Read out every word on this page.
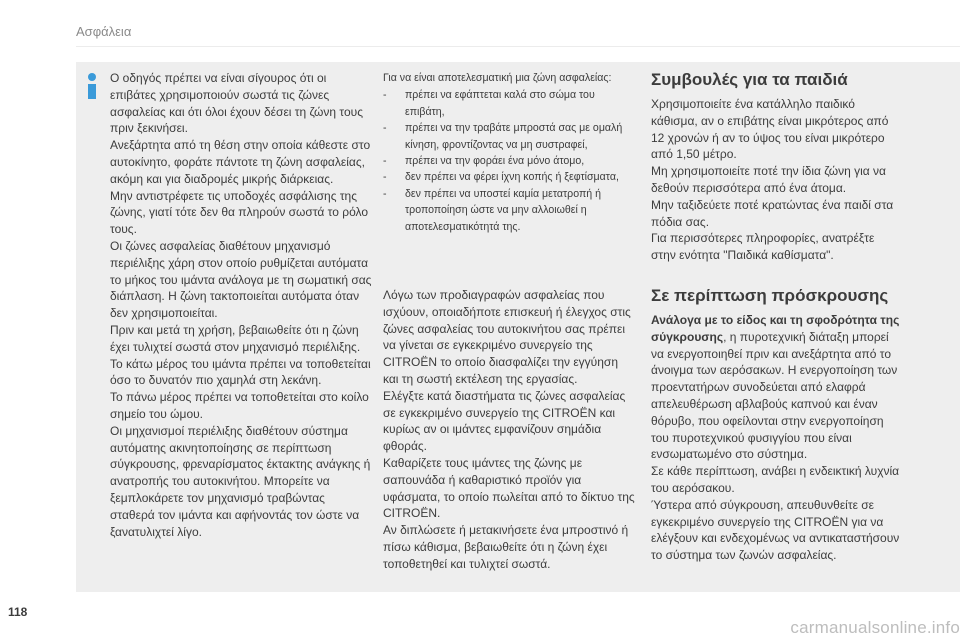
Ασφάλεια

Ο οδηγός πρέπει να είναι σίγουρος ότι οι επιβάτες χρησιμοποιούν σωστά τις ζώνες ασφαλείας και ότι όλοι έχουν δέσει τη ζώνη τους πριν ξεκινήσει.

Ανεξάρτητα από τη θέση στην οποία κάθεστε στο αυτοκίνητο, φοράτε πάντοτε τη ζώνη ασφαλείας, ακόμη και για διαδρομές μικρής διάρκειας.

Μην αντιστρέφετε τις υποδοχές ασφάλισης της ζώνης, γιατί τότε δεν θα πληρούν σωστά το ρόλο τους.

Οι ζώνες ασφαλείας διαθέτουν μηχανισμό περιέλιξης χάρη στον οποίο ρυθμίζεται αυτόματα το μήκος του ιμάντα ανάλογα με τη σωματική σας διάπλαση. Η ζώνη τακτοποιείται αυτόματα όταν δεν χρησιμοποιείται.

Πριν και μετά τη χρήση, βεβαιωθείτε ότι η ζώνη έχει τυλιχτεί σωστά στον μηχανισμό περιέλιξης.

Το κάτω μέρος του ιμάντα πρέπει να τοποθετείται όσο το δυνατόν πιο χαμηλά στη λεκάνη.

Το πάνω μέρος πρέπει να τοποθετείται στο κοίλο σημείο του ώμου.

Οι μηχανισμοί περιέλιξης διαθέτουν σύστημα αυτόματης ακινητοποίησης σε περίπτωση σύγκρουσης, φρεναρίσματος έκτακτης ανάγκης ή ανατροπής του αυτοκινήτου. Μπορείτε να ξεμπλοκάρετε τον μηχανισμό τραβώντας σταθερά τον ιμάντα και αφήνοντάς τον ώστε να ξανατυλιχτεί λίγο.

Για να είναι αποτελεσματική μια ζώνη ασφαλείας:

- πρέπει να εφάπτεται καλά στο σώμα του επιβάτη,
- πρέπει να την τραβάτε μπροστά σας με ομαλή κίνηση, φροντίζοντας να μη συστραφεί,
- πρέπει να την φοράει ένα μόνο άτομο,
- δεν πρέπει να φέρει ίχνη κοπής ή ξεφτίσματα,
- δεν πρέπει να υποστεί καμία μετατροπή ή τροποποίηση ώστε να μην αλλοιωθεί η αποτελεσματικότητά της.

Λόγω των προδιαγραφών ασφαλείας που ισχύουν, οποιαδήποτε επισκευή ή έλεγχος στις ζώνες ασφαλείας του αυτοκινήτου σας πρέπει να γίνεται σε εγκεκριμένο συνεργείο της CITROËN το οποίο διασφαλίζει την εγγύηση και τη σωστή εκτέλεση της εργασίας.

Ελέγξτε κατά διαστήματα τις ζώνες ασφαλείας σε εγκεκριμένο συνεργείο της CITROËN και κυρίως αν οι ιμάντες εμφανίζουν σημάδια φθοράς.

Καθαρίζετε τους ιμάντες της ζώνης με σαπουνάδα ή καθαριστικό προϊόν για υφάσματα, το οποίο πωλείται από το δίκτυο της CITROËN.

Αν διπλώσετε ή μετακινήσετε ένα μπροστινό ή πίσω κάθισμα, βεβαιωθείτε ότι η ζώνη έχει τοποθετηθεί και τυλιχτεί σωστά.

Συμβουλές για τα παιδιά

Χρησιμοποιείτε ένα κατάλληλο παιδικό κάθισμα, αν ο επιβάτης είναι μικρότερος από 12 χρονών ή αν το ύψος του είναι μικρότερο από 1,50 μέτρο.

Μη χρησιμοποιείτε ποτέ την ίδια ζώνη για να δεθούν περισσότερα από ένα άτομα.

Μην ταξιδεύετε ποτέ κρατώντας ένα παιδί στα πόδια σας.

Για περισσότερες πληροφορίες, ανατρέξτε στην ενότητα "Παιδικά καθίσματα".

Σε περίπτωση πρόσκρουσης

Ανάλογα με το είδος και τη σφοδρότητα της σύγκρουσης, η πυροτεχνική διάταξη μπορεί να ενεργοποιηθεί πριν και ανεξάρτητα από το άνοιγμα των αερόσακων. Η ενεργοποίηση των προεντατήρων συνοδεύεται από ελαφρά απελευθέρωση αβλαβούς καπνού και έναν θόρυβο, που οφείλονται στην ενεργοποίηση του πυροτεχνικού φυσιγγίου που είναι ενσωματωμένο στο σύστημα.

Σε κάθε περίπτωση, ανάβει η ενδεικτική λυχνία του αερόσακου.

Ύστερα από σύγκρουση, απευθυνθείτε σε εγκεκριμένο συνεργείο της CITROËN για να ελέγξουν και ενδεχομένως να αντικαταστήσουν το σύστημα των ζωνών ασφαλείας.

118
carmanualsonline.info
